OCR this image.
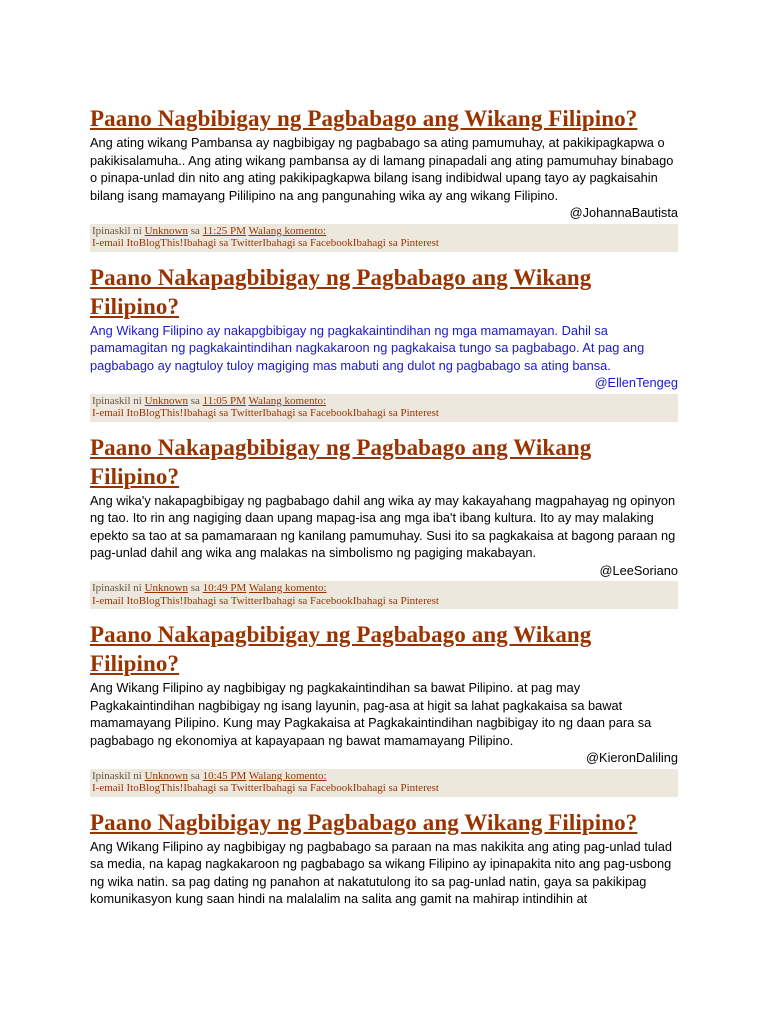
Paano Nagbibigay ng Pagbabago ang Wikang Filipino?

Ang ating wikang Pambansa ay nagbibigay ng pagbabago sa ating pamumuhay, at pakikipagkapwa o pakikisalamuha.. Ang ating wikang pambansa ay di lamang pinapadali ang ating pamumuhay binabago o pinapa-unlad din nito ang ating pakikipagkapwa bilang isang indibidwal upang tayo ay pagkaisahin bilang isang mamayang Pililipino na ang pangunahing wika ay ang wikang Filipino.

@JohannaBautista
Ipinaskil ni Unknown sa 11:25 PM Walang komento:
I-email ItoBlogThis!Ibahagi sa TwitterIbahagi sa FacebookIbahagi sa Pinterest
Paano Nakapagbibigay ng Pagbabago ang Wikang Filipino?

Ang Wikang Filipino ay nakapgbibigay ng pagkakaintindihan ng mga mamamayan. Dahil sa pamamagitan ng pagkakaintindihan nagkakaroon ng pagkakaisa tungo sa pagbabago. At pag ang pagbabago ay nagtuloy tuloy magiging mas mabuti ang dulot ng pagbabago sa ating bansa.

@EllenTengeg
Ipinaskil ni Unknown sa 11:05 PM Walang komento:
I-email ItoBlogThis!Ibahagi sa TwitterIbahagi sa FacebookIbahagi sa Pinterest
Paano Nakapagbibigay ng Pagbabago ang Wikang Filipino?

Ang wika'y nakapagbibigay ng pagbabago dahil ang wika ay may kakayahang magpahayag ng opinyon ng tao. Ito rin ang nagiging daan upang mapag-isa ang mga iba't ibang kultura. Ito ay may malaking epekto sa tao at sa pamamaraan ng kanilang pamumuhay. Susi ito sa pagkakaisa at bagong paraan ng pag-unlad dahil ang wika ang malakas na simbolismo ng pagiging makabayan.

@LeeSoriano
Ipinaskil ni Unknown sa 10:49 PM Walang komento:
I-email ItoBlogThis!Ibahagi sa TwitterIbahagi sa FacebookIbahagi sa Pinterest
Paano Nakapagbibigay ng Pagbabago ang Wikang Filipino?

Ang Wikang Filipino ay nagbibigay ng pagkakaintindihan sa bawat Pilipino. at pag may Pagkakaintindihan nagbibigay ng isang layunin, pag-asa at higit sa lahat pagkakaisa sa bawat mamamayang Pilipino. Kung may Pagkakaisa at Pagkakaintindihan nagbibigay ito ng daan para sa pagbabago ng ekonomiya at kapayapaan ng bawat mamamayang Pilipino.

@KieronDaliling
Ipinaskil ni Unknown sa 10:45 PM Walang komento:
I-email ItoBlogThis!Ibahagi sa TwitterIbahagi sa FacebookIbahagi sa Pinterest
Paano Nagbibigay ng Pagbabago ang Wikang Filipino?

Ang Wikang Filipino ay nagbibigay ng pagbabago sa paraan na mas nakikita ang ating pag-unlad tulad sa media, na kapag nagkakaroon ng pagbabago sa wikang Filipino ay ipinapakita nito ang pag-usbong ng wika natin. sa pag dating ng panahon at nakatutulong ito sa pag-unlad natin, gaya sa pakikipag komunikasyon kung saan hindi na malalalim na salita ang gamit na mahirap intindihin at
